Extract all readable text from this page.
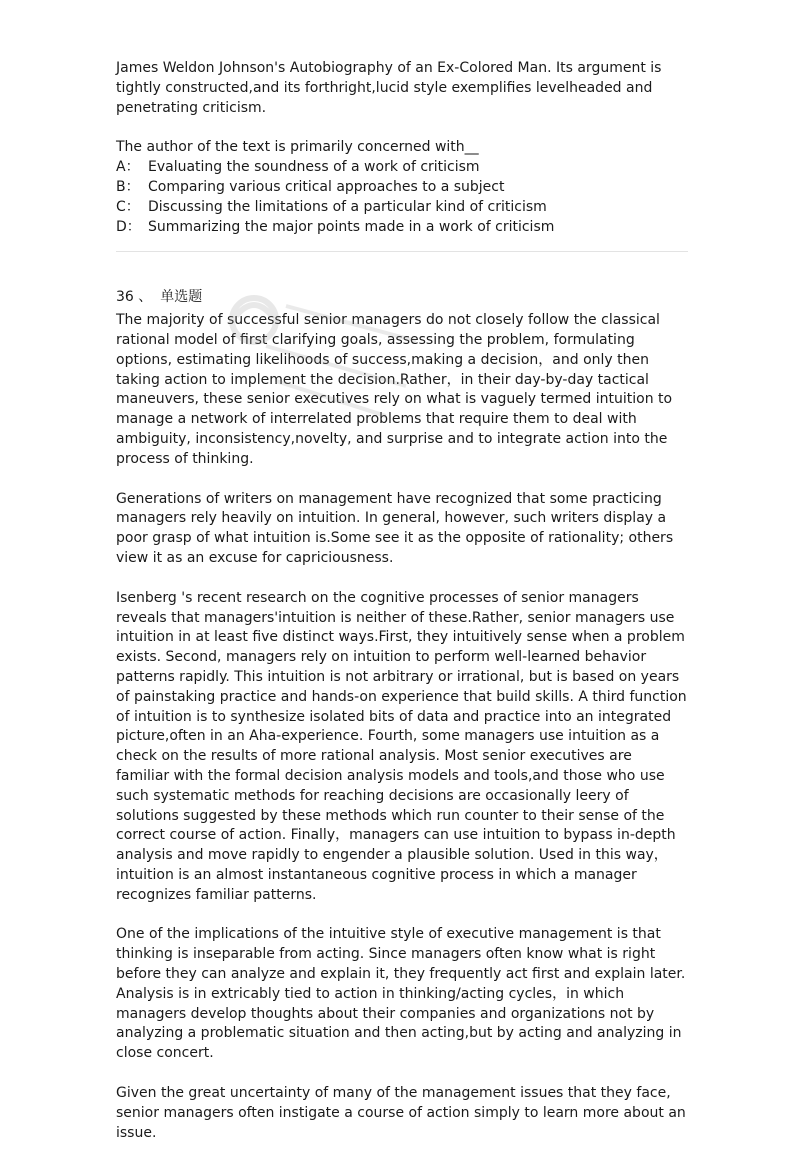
James Weldon Johnson's Autobiography of an Ex-Colored Man. Its argument is tightly constructed,and its forthright,lucid style exemplifies levelheaded and penetrating criticism.

The author of the text is primarily concerned with__

A： Evaluating the soundness of a work of criticism
B： Comparing various critical approaches to a subject
C： Discussing the limitations of a particular kind of criticism
D： Summarizing the major points made in a work of criticism
36 、 单选题

The majority of successful senior managers do not closely follow the classical rational model of first clarifying goals, assessing the problem, formulating options, estimating likelihoods of success,making a decision，and only then taking action to implement the decision.Rather，in their day-by-day tactical maneuvers, these senior executives rely on what is vaguely termed intuition to manage a network of interrelated problems that require them to deal with ambiguity, inconsistency,novelty, and surprise and to integrate action into the process of thinking.

Generations of writers on management have recognized that some practicing managers rely heavily on intuition. In general, however, such writers display a poor grasp of what intuition is.Some see it as the opposite of rationality; others view it as an excuse for capriciousness.

Isenberg 's recent research on the cognitive processes of senior managers reveals that managers'intuition is neither of these.Rather, senior managers use intuition in at least five distinct ways.First, they intuitively sense when a problem exists. Second, managers rely on intuition to perform well-learned behavior patterns rapidly. This intuition is not arbitrary or irrational, but is based on years of painstaking practice and hands-on experience that build skills. A third function of intuition is to synthesize isolated bits of data and practice into an integrated picture,often in an Aha-experience. Fourth, some managers use intuition as a check on the results of more rational analysis. Most senior executives are familiar with the formal decision analysis models and tools,and those who use such systematic methods for reaching decisions are occasionally leery of solutions suggested by these methods which run counter to their sense of the correct course of action. Finally，managers can use intuition to bypass in-depth analysis and move rapidly to engender a plausible solution. Used in this way，intuition is an almost instantaneous cognitive process in which a manager recognizes familiar patterns.

One of the implications of the intuitive style of executive management is that thinking is inseparable from acting. Since managers often know what is right before they can analyze and explain it, they frequently act first and explain later. Analysis is in extricably tied to action in thinking/acting cycles，in which managers develop thoughts about their companies and organizations not by analyzing a problematic situation and then acting,but by acting and analyzing in close concert.

Given the great uncertainty of many of the management issues that they face, senior managers often instigate a course of action simply to learn more about an issue.
